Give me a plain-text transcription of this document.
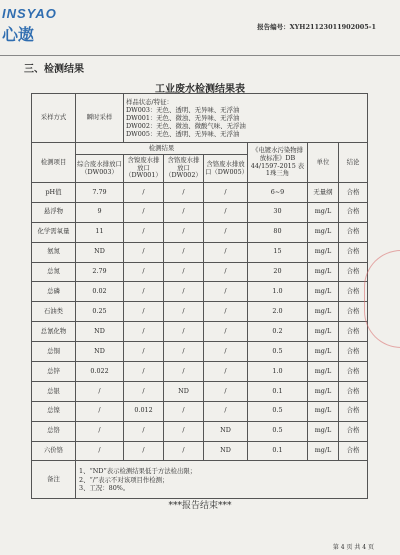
INSYAO
心遨	报告编号：XYH21123011902005-1
三、检测结果
工业废水检测结果表
采样方式	瞬时采样	样品状态/特征：
DW003：无色、透明、无异味、无浮油
DW001：无色、微浊、无异味、无浮油
DW002：无色、微浊、微酸气味、无浮油
DW005：无色、透明、无异味、无浮油					

检测项目	检测结果				《电镀水污染物排放标准》DB 44/1597-2015 表1珠三角	单位	结论
	综合废水排放口（DW003）	含镍废水排放口（DW001）	含铬废水排放口（DW002）	含铬废水排放口（DW005）			
pH值	7.79	/	/	/	6~9	无量纲	合格
悬浮物	9	/	/	/	30	mg/L	合格
化学需氧量	11	/	/	/	80	mg/L	合格
氨氮	ND	/	/	/	15	mg/L	合格
总氮	2.79	/	/	/	20	mg/L	合格
总磷	0.02	/	/	/	1.0	mg/L	合格
石油类	0.25	/	/	/	2.0	mg/L	合格
总氰化物	ND	/	/	/	0.2	mg/L	合格
总铜	ND	/	/	/	0.5	mg/L	合格
总锌	0.022	/	/	/	1.0	mg/L	合格
总银	/	/	ND	/	0.1	mg/L	合格
总镍	/	0.012	/	/	0.5	mg/L	合格
总铬	/	/	/	ND	0.5	mg/L	合格
六价铬	/	/	/	ND	0.1	mg/L	合格
备注	1、“ND”表示检测结果低于方法检出限；
2、“/”表示不对该项目作检测；
3、工况：80%。						
***报告结束***
第 4 页 共 4 页
